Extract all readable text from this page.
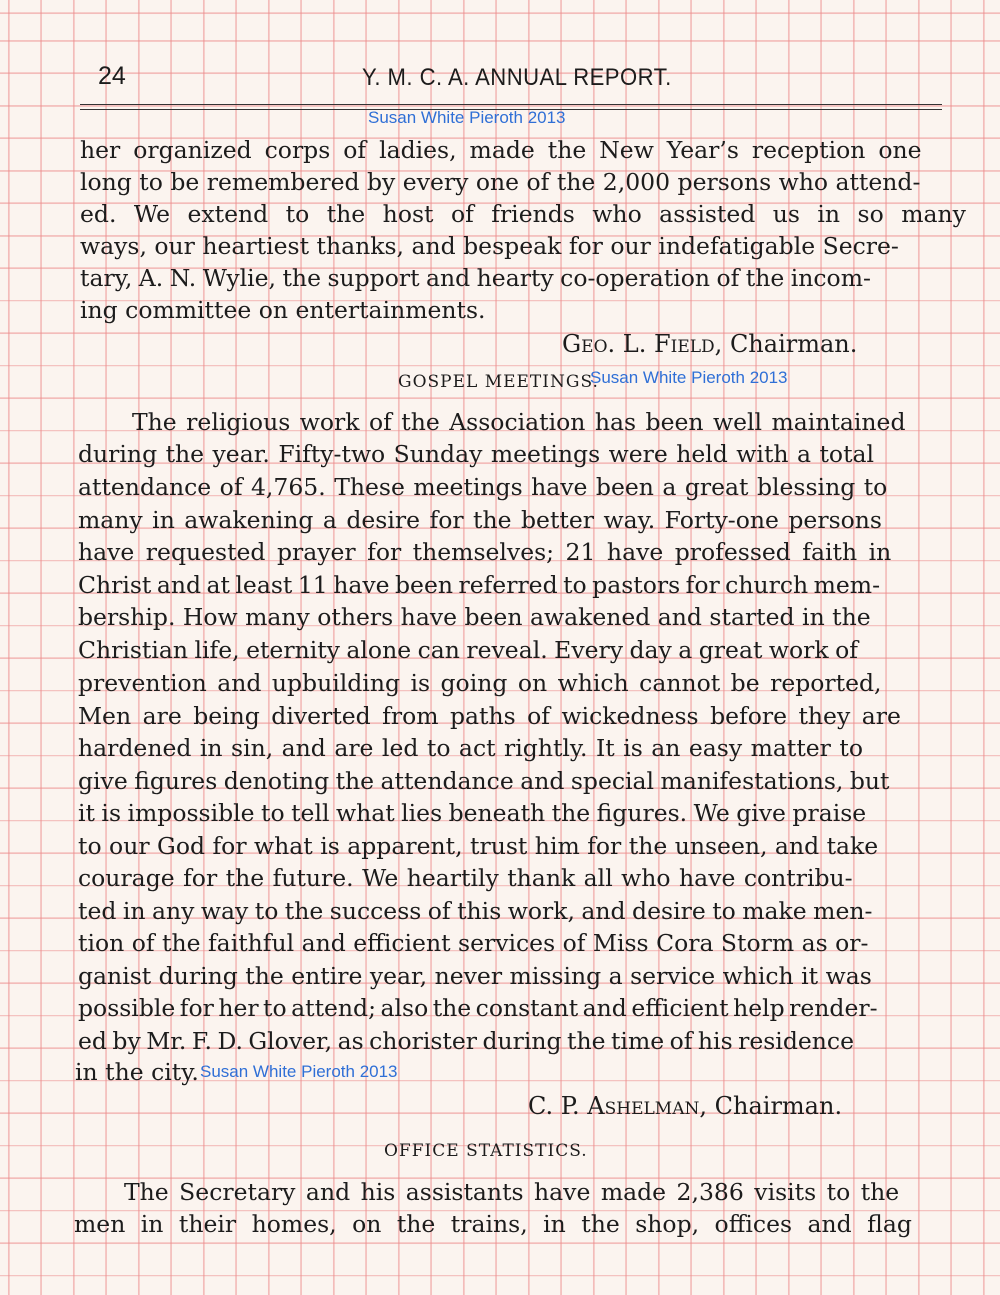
24	Y. M. C. A. ANNUAL REPORT.
Susan White Pieroth 2013
her organized corps of ladies, made the New Year’s reception one
long to be remembered by every one of the 2,000 persons who attend-
ed. We extend to the host of friends who assisted us in so many
ways, our heartiest thanks, and bespeak for our indefatigable Secre-
tary, A. N. Wylie, the support and hearty co-operation of the incom-
ing committee on entertainments.
Geo. L. Field, Chairman.
GOSPEL MEETINGS.
Susan White Pieroth 2013
The religious work of the Association has been well maintained
during the year. Fifty-two Sunday meetings were held with a total
attendance of 4,765. These meetings have been a great blessing to
many in awakening a desire for the better way. Forty-one persons
have requested prayer for themselves; 21 have professed faith in
Christ and at least 11 have been referred to pastors for church mem-
bership. How many others have been awakened and started in the
Christian life, eternity alone can reveal. Every day a great work of
prevention and upbuilding is going on which cannot be reported,
Men are being diverted from paths of wickedness before they are
hardened in sin, and are led to act rightly. It is an easy matter to
give figures denoting the attendance and special manifestations, but
it is impossible to tell what lies beneath the figures. We give praise
to our God for what is apparent, trust him for the unseen, and take
courage for the future. We heartily thank all who have contribu-
ted in any way to the success of this work, and desire to make men-
tion of the faithful and efficient services of Miss Cora Storm as or-
ganist during the entire year, never missing a service which it was
possible for her to attend; also the constant and efficient help render-
ed by Mr. F. D. Glover, as chorister during the time of his residence
in the city. Susan White Pieroth 2013
C. P. Ashelman, Chairman.
OFFICE STATISTICS.
The Secretary and his assistants have made 2,386 visits to the
men in their homes, on the trains, in the shop, offices and flag
